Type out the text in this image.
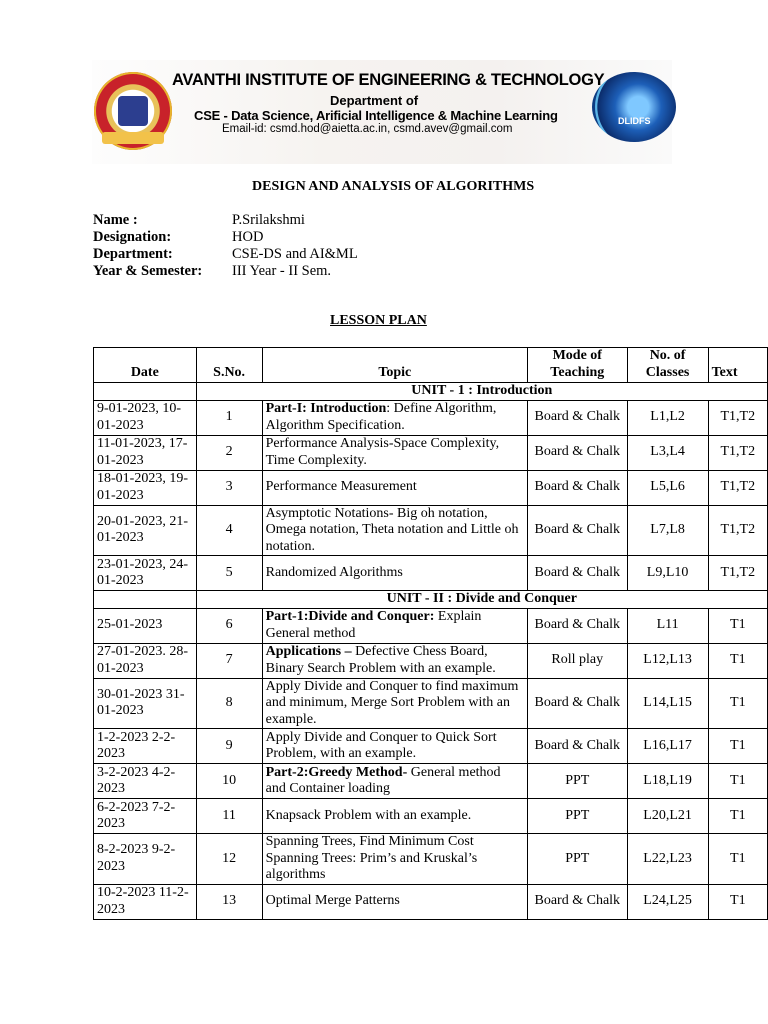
DLIDFS
AVANTHI INSTITUTE OF ENGINEERING & TECHNOLOGY
Department of
CSE - Data Science, Arificial Intelligence & Machine Learning
Email-id: csmd.hod@aietta.ac.in, csmd.avev@gmail.com
DESIGN AND ANALYSIS OF ALGORITHMS
Name :	P.Srilakshmi
Designation:	HOD
Department:	CSE-DS and AI&ML
Year & Semester:	III Year - II Sem.
LESSON PLAN
Date	S.No.	Topic	Mode of Teaching	No. of Classes	Text
	UNIT - 1 : Introduction				
9-01-2023, 10-01-2023	1	Part-I: Introduction: Define Algorithm, Algorithm Specification.	Board & Chalk	L1,L2	T1,T2
11-01-2023, 17-01-2023	2	Performance Analysis-Space Complexity, Time Complexity.	Board & Chalk	L3,L4	T1,T2
18-01-2023, 19-01-2023	3	Performance Measurement	Board & Chalk	L5,L6	T1,T2
20-01-2023, 21-01-2023	4	Asymptotic Notations- Big oh notation, Omega notation, Theta notation and Little oh notation.	Board & Chalk	L7,L8	T1,T2
23-01-2023, 24-01-2023	5	Randomized Algorithms	Board & Chalk	L9,L10	T1,T2
	UNIT - II : Divide and Conquer				
25-01-2023	6	Part-1:Divide and Conquer: Explain General method	Board & Chalk	L11	T1
27-01-2023. 28-01-2023	7	Applications – Defective Chess Board, Binary Search Problem with an example.	Roll play	L12,L13	T1
30-01-2023 31-01-2023	8	Apply Divide and Conquer to find maximum and minimum, Merge Sort Problem with an example.	Board & Chalk	L14,L15	T1
1-2-2023 2-2-2023	9	Apply Divide and Conquer to Quick Sort Problem, with an example.	Board & Chalk	L16,L17	T1
3-2-2023 4-2-2023	10	Part-2:Greedy Method- General method and Container loading	PPT	L18,L19	T1
6-2-2023 7-2-2023	11	Knapsack Problem with an example.	PPT	L20,L21	T1
8-2-2023 9-2-2023	12	Spanning Trees, Find Minimum Cost Spanning Trees: Prim’s and Kruskal’s algorithms	PPT	L22,L23	T1
10-2-2023 11-2-2023	13	Optimal Merge Patterns	Board & Chalk	L24,L25	T1
